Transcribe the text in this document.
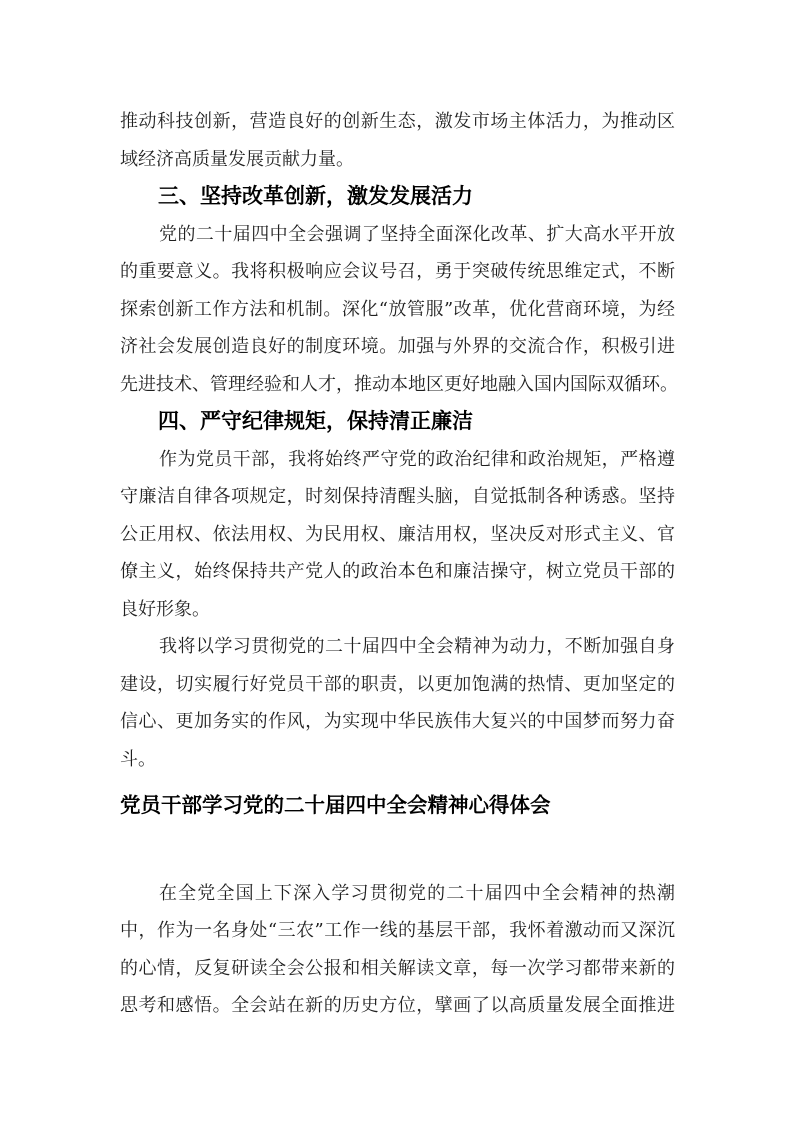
推动科技创新，营造良好的创新生态，激发市场主体活力，为推动区
域经济高质量发展贡献力量。
三、坚持改革创新，激发发展活力
党的二十届四中全会强调了坚持全面深化改革、扩大高水平开放
的重要意义。我将积极响应会议号召，勇于突破传统思维定式，不断
探索创新工作方法和机制。深化“放管服”改革，优化营商环境，为经
济社会发展创造良好的制度环境。加强与外界的交流合作，积极引进
先进技术、管理经验和人才，推动本地区更好地融入国内国际双循环。
四、严守纪律规矩，保持清正廉洁
作为党员干部，我将始终严守党的政治纪律和政治规矩，严格遵
守廉洁自律各项规定，时刻保持清醒头脑，自觉抵制各种诱惑。坚持
公正用权、依法用权、为民用权、廉洁用权，坚决反对形式主义、官
僚主义，始终保持共产党人的政治本色和廉洁操守，树立党员干部的
良好形象。
我将以学习贯彻党的二十届四中全会精神为动力，不断加强自身
建设，切实履行好党员干部的职责，以更加饱满的热情、更加坚定的
信心、更加务实的作风，为实现中华民族伟大复兴的中国梦而努力奋
斗。
党员干部学习党的二十届四中全会精神心得体会
在全党全国上下深入学习贯彻党的二十届四中全会精神的热潮
中，作为一名身处“三农”工作一线的基层干部，我怀着激动而又深沉
的心情，反复研读全会公报和相关解读文章，每一次学习都带来新的
思考和感悟。全会站在新的历史方位，擘画了以高质量发展全面推进
